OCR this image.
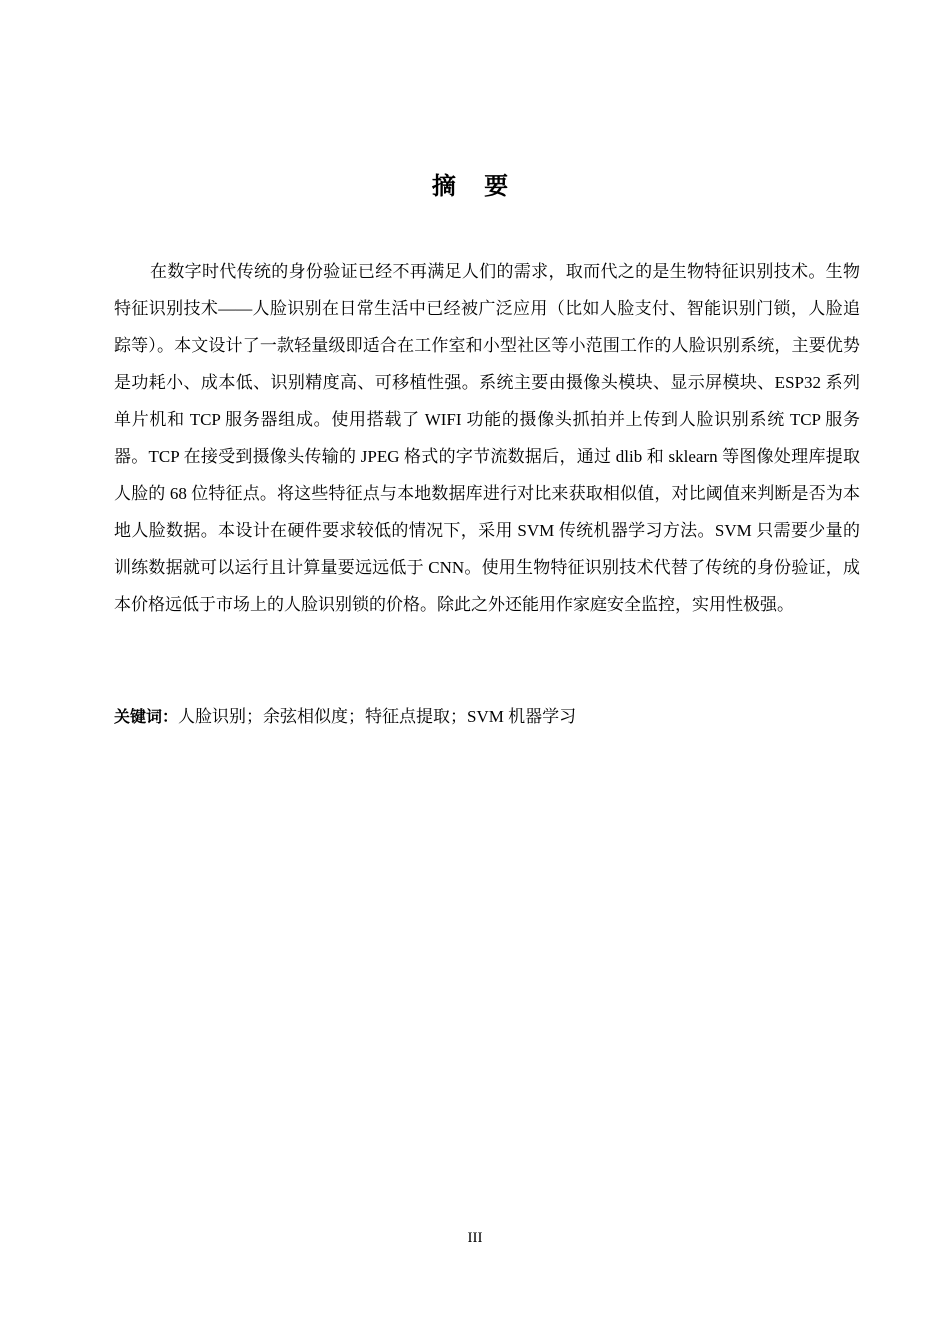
摘 要

在数字时代传统的身份验证已经不再满足人们的需求，取而代之的是生物特征识别技术。生物特征识别技术——人脸识别在日常生活中已经被广泛应用（比如人脸支付、智能识别门锁，人脸追踪等）。本文设计了一款轻量级即适合在工作室和小型社区等小范围工作的人脸识别系统，主要优势是功耗小、成本低、识别精度高、可移植性强。系统主要由摄像头模块、显示屏模块、ESP32 系列单片机和 TCP 服务器组成。使用搭载了 WIFI 功能的摄像头抓拍并上传到人脸识别系统 TCP 服务器。TCP 在接受到摄像头传输的 JPEG 格式的字节流数据后，通过 dlib 和 sklearn 等图像处理库提取人脸的 68 位特征点。将这些特征点与本地数据库进行对比来获取相似值，对比阈值来判断是否为本地人脸数据。本设计在硬件要求较低的情况下，采用 SVM 传统机器学习方法。SVM 只需要少量的训练数据就可以运行且计算量要远远低于 CNN。使用生物特征识别技术代替了传统的身份验证，成本价格远低于市场上的人脸识别锁的价格。除此之外还能用作家庭安全监控，实用性极强。

关键词：人脸识别；余弦相似度；特征点提取；SVM 机器学习
III
